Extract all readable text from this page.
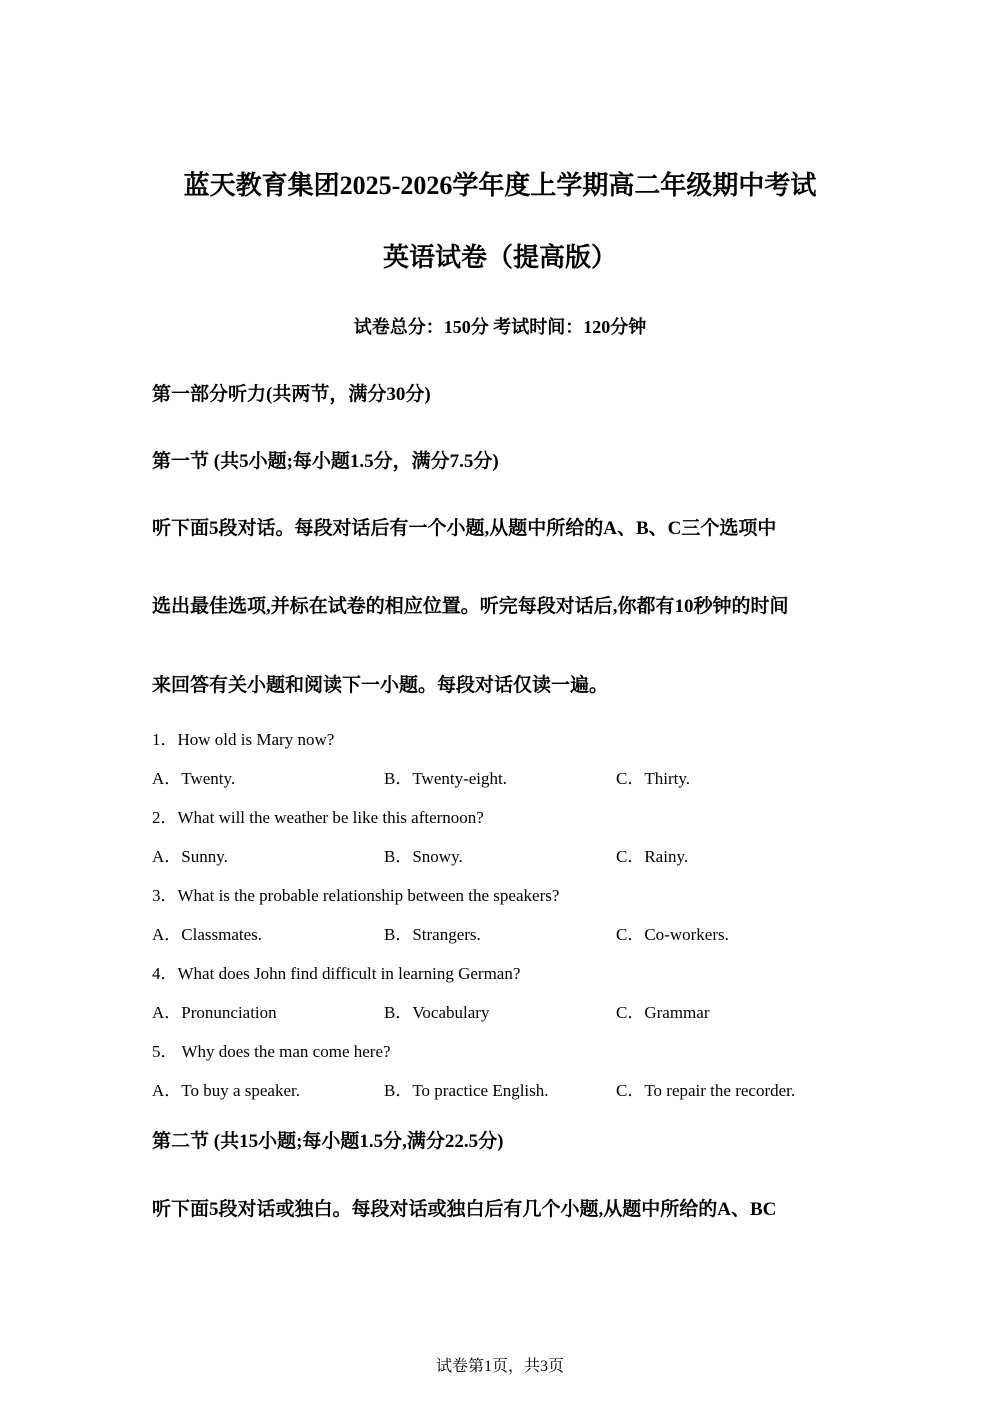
蓝天教育集团2025-2026学年度上学期高二年级期中考试
英语试卷（提高版）
试卷总分：150分 考试时间：120分钟
第一部分听力(共两节，满分30分)
第一节 (共5小题;每小题1.5分，满分7.5分)
听下面5段对话。每段对话后有一个小题,从题中所给的A、B、C三个选项中
选出最佳选项,并标在试卷的相应位置。听完每段对话后,你都有10秒钟的时间
来回答有关小题和阅读下一小题。每段对话仅读一遍。
1．How old is Mary now?
A．Twenty.	B．Twenty-eight.	C．Thirty.
2．What will the weather be like this afternoon?
A．Sunny.	B．Snowy.	C．Rainy.
3．What is the probable relationship between the speakers?
A．Classmates.	B．Strangers.	C．Co-workers.
4．What does John find difficult in learning German?
A．Pronunciation	B．Vocabulary	C．Grammar
5． Why does the man come here?
A．To buy a speaker.	B．To practice English.	C．To repair the recorder.
第二节 (共15小题;每小题1.5分,满分22.5分)
听下面5段对话或独白。每段对话或独白后有几个小题,从题中所给的A、BC
试卷第1页，共3页
